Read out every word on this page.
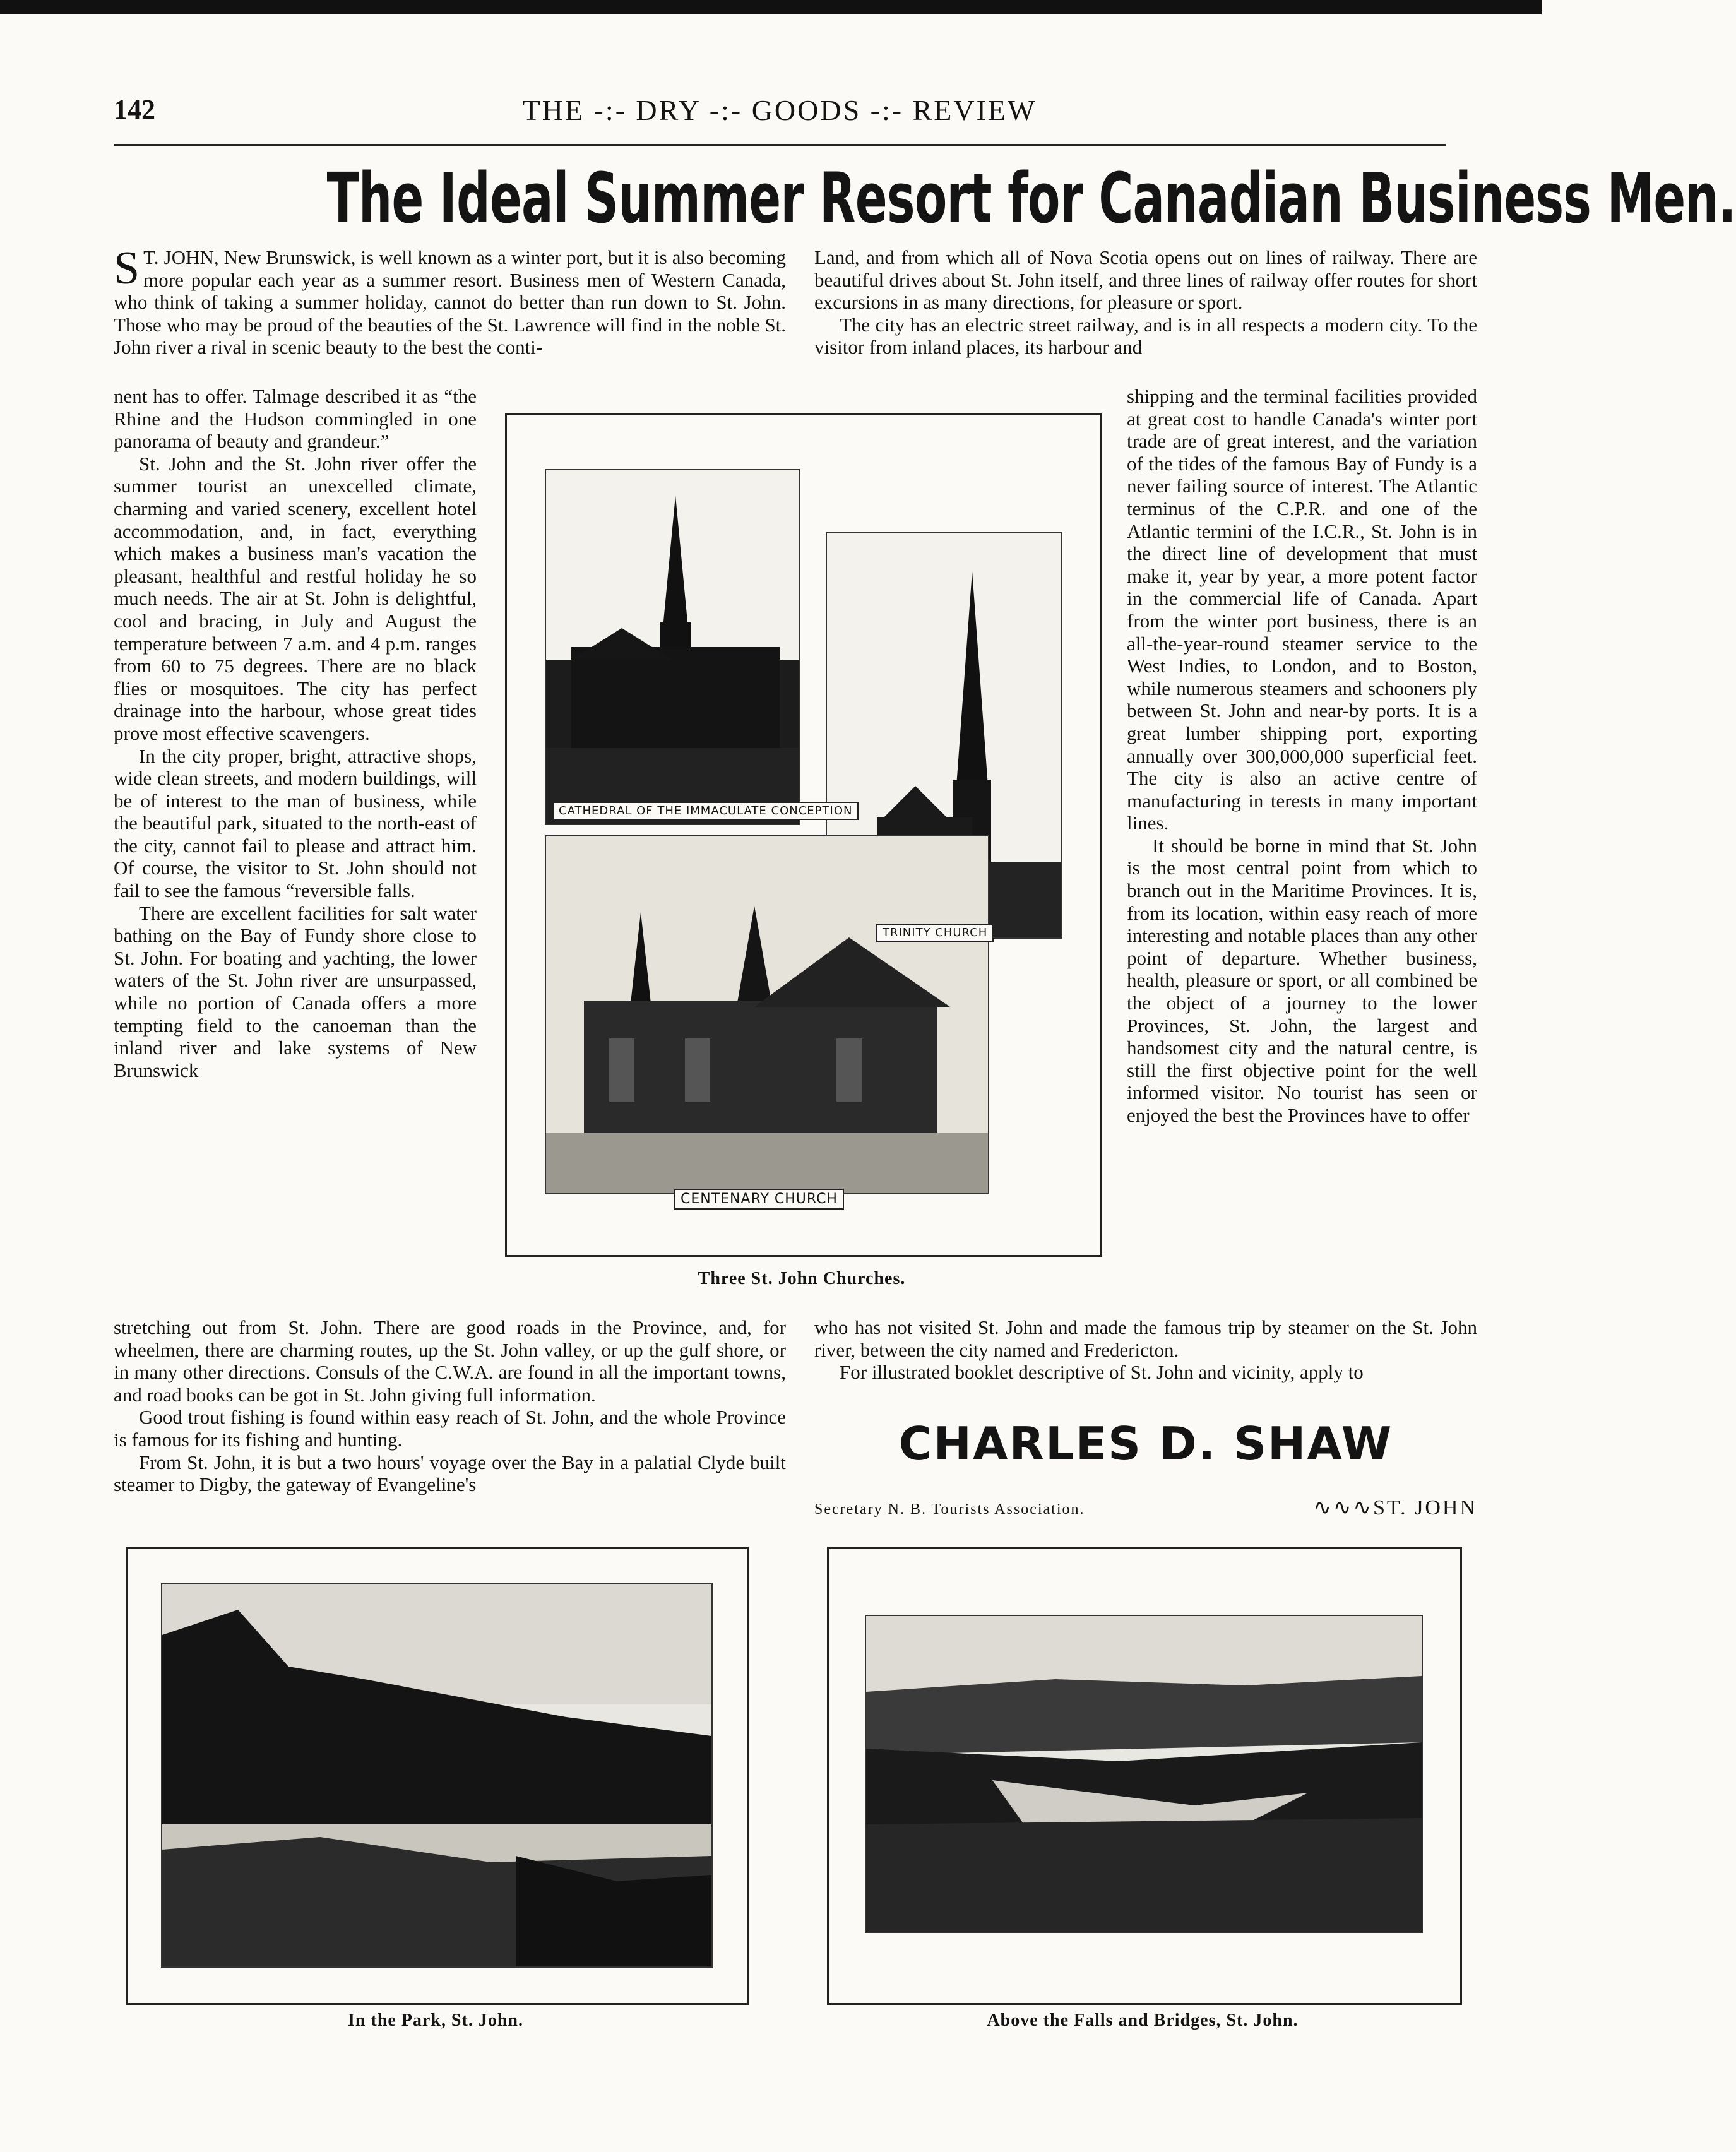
142	THE -:- DRY -:- GOODS -:- REVIEW
The Ideal Summer Resort for Canadian Business Men.
S T. JOHN, New Brunswick, is well known as a winter port, but it is also becoming more popular each year as a summer resort. Business men of Western Canada, who think of taking a summer holiday, cannot do better than run down to St. John. Those who may be proud of the beauties of the St. Lawrence will find in the noble St. John river a rival in scenic beauty to the best the conti-

nent has to offer. Talmage described it as “the Rhine and the Hudson commingled in one panorama of beauty and grandeur.”

St. John and the St. John river offer the summer tourist an unexcelled climate, charming and varied scenery, excellent hotel accommodation, and, in fact, everything which makes a business man's vacation the pleasant, healthful and restful holiday he so much needs. The air at St. John is delightful, cool and bracing, in July and August the temperature between 7 a.m. and 4 p.m. ranges from 60 to 75 degrees. There are no black flies or mosquitoes. The city has perfect drainage into the harbour, whose great tides prove most effective scavengers.

In the city proper, bright, attractive shops, wide clean streets, and modern buildings, will be of interest to the man of business, while the beautiful park, situated to the north-east of the city, cannot fail to please and attract him. Of course, the visitor to St. John should not fail to see the famous “reversible falls.

There are excellent facilities for salt water bathing on the Bay of Fundy shore close to St. John. For boating and yachting, the lower waters of the St. John river are unsurpassed, while no portion of Canada offers a more tempting field to the canoeman than the inland river and lake systems of New Brunswick

stretching out from St. John. There are good roads in the Province, and, for wheelmen, there are charming routes, up the St. John valley, or up the gulf shore, or in many other directions. Consuls of the C.W.A. are found in all the important towns, and road books can be got in St. John giving full information.

Good trout fishing is found within easy reach of St. John, and the whole Province is famous for its fishing and hunting.

From St. John, it is but a two hours' voyage over the Bay in a palatial Clyde built steamer to Digby, the gateway of Evangeline's

Land, and from which all of Nova Scotia opens out on lines of railway. There are beautiful drives about St. John itself, and three lines of railway offer routes for short excursions in as many directions, for pleasure or sport.

The city has an electric street railway, and is in all respects a modern city. To the visitor from inland places, its harbour and

shipping and the terminal facilities provided at great cost to handle Canada's winter port trade are of great interest, and the variation of the tides of the famous Bay of Fundy is a never failing source of interest. The Atlantic terminus of the C.P.R. and one of the Atlantic termini of the I.C.R., St. John is in the direct line of development that must make it, year by year, a more potent factor in the commercial life of Canada. Apart from the winter port business, there is an all-the-year-round steamer service to the West Indies, to London, and to Boston, while numerous steamers and schooners ply between St. John and near-by ports. It is a great lumber shipping port, exporting annually over 300,000,000 superficial feet. The city is also an active centre of manufacturing in terests in many important lines.

It should be borne in mind that St. John is the most central point from which to branch out in the Maritime Provinces. It is, from its location, within easy reach of more interesting and notable places than any other point of departure. Whether business, health, pleasure or sport, or all combined be the object of a journey to the lower Provinces, St. John, the largest and handsomest city and the natural centre, is still the first objective point for the well informed visitor. No tourist has seen or enjoyed the best the Provinces have to offer

who has not visited St. John and made the famous trip by steamer on the St. John river, between the city named and Fredericton.

For illustrated booklet descriptive of St. John and vicinity, apply to

CHARLES D. SHAW
Secretary N. B. Tourists Association.	∿∿∿ST. JOHN
CATHEDRAL OF THE IMMACULATE CONCEPTION
TRINITY CHURCH
CENTENARY CHURCH
Three St. John Churches.
In the Park, St. John.	Above the Falls and Bridges, St. John.
